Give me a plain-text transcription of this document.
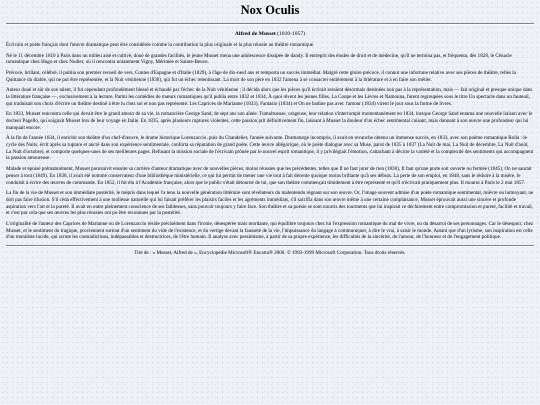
Nox Oculis
Alfred de Musset (1810-1857)

Écrivain et poète français dont l'œuvre dramatique peut être considérée comme la contribution la plus originale et la plus réussie au théâtre romantique.

Né le 11 décembre 1810 à Paris dans un milieu aisé et cultivé, doué de grandes facilités, le jeune Musset mena une adolescence dissipée de dandy. Il entreprit des études de droit et de médecine, qu'il ne termina pas, et fréquenta, dès 1828, le Cénacle romantique chez Hugo et chez Nodier, où il rencontra notamment Vigny, Mérimée et Sainte-Beuve.

Précoce, brillant, célébré, il publia son premier recueil de vers, Contes d'Espagne et d'Italie (1829), à l'âge de dix-neuf ans et remporta un succès immédiat. Malgré cette gloire précoce, il connut une infortune relative avec ses pièces de théâtre, telles la Quittance du diable, qui ne put être représentée, et la Nuit vénitienne (1830), qui fut un échec retentissant. La mort de son père en 1832 l'amena à se consacrer entièrement à la littérature et à en faire son métier.

Auteur doué et sûr de son talent, il fut cependant profondément blessé et échaudé par l'échec de la Nuit vénitienne ; il décida alors que les pièces qu'il écrirait seraient désormais destinées non pas à la représentation, mais — fait original et presque unique dans la littérature française —, exclusivement à la lecture. Parmi les comédies de mœurs romantiques qu'il publia entre 1832 et 1834, À quoi rêvent les jeunes filles, La Coupe et les Lèvres et Namouna, furent regroupées sous le titre Un spectacle dans un fauteuil, qui traduisait son choix d'écrire un théâtre destiné à être lu chez soi et non pas représenté. Les Caprices de Marianne (1833), Fantasio (1834) et On ne badine pas avec l'amour (1834) virent le jour sous la forme de livres.

En 1833, Musset rencontra celle qui devait être le grand amour de sa vie, la romancière George Sand, de sept ans son aînée. Tumultueuse, orageuse, leur relation s'interrompit momentanément en 1834, lorsque George Sand entama une nouvelle liaison avec le docteur Pagello, qui soignait Musset lors de leur voyage en Italie. En 1835, après plusieurs ruptures violentes, cette passion prit définitivement fin, laissant à Musset la douleur d'un échec sentimental cuisant, mais donnant à son œuvre une profondeur qui lui manquait encore.

À la fin de l'année 1834, il enrichit son théâtre d'un chef-d'œuvre, le drame historique Lorenzaccio, puis du Chandelier, l'année suivante. Dramaturge incompris, il avait en revanche obtenu un immense succès, en 1833, avec son poème romantique Rolla : le cycle des Nuits, écrit après sa rupture et ancré dans son expérience sentimentale, conforta sa réputation de grand poète. Cette œuvre allégorique, où le poète dialogue avec sa Muse, parut de 1835 à 1837 (La Nuit de mai, La Nuit de décembre, La Nuit d'août, La Nuit d'octobre), et comporte quelques-unes de ses meilleures pages. Refusant la mission sociale de l'écrivain prônée par le nouvel esprit romantique, il y privilégiait l'émotion, s'attachant à décrire la variété et la complexité des sentiments qui accompagnent la passion amoureuse.

Malade et épuisé prématurément, Musset poursuivit ensuite sa carrière d'auteur dramatique avec de nouvelles pièces, moins réussies que les précédentes, telles que Il ne faut jurer de rien (1836), Il faut qu'une porte soit ouverte ou fermée (1845), On ne saurait penser à tout (1849). En 1838, il avait été nommé conservateur d'une bibliothèque ministérielle, ce qui lui permit de mener une vie tout à fait décente quoique moins brillante qu'à ses débuts. La perte de son emploi, en 1848, sans le réduire à la misère, le conduisit à écrire des œuvres de commande. En 1852, il fut élu à l'Académie française, alors que le public s'était détourné de lui, que son théâtre commençait timidement à être représenté et qu'il n'écrivait pratiquement plus. Il mourut à Paris le 2 mai 1857.

La fin de la vie de Musset et son immédiate postérité, le mépris dans lequel l'a tenu la nouvelle génération littéraire sont révélateurs du malentendu régnant sur son œuvre. Or, l'image souvent admise d'un poète romantique sentimental, mièvre ou larmoyant, ne doit pas faire illusion. S'il céda effectivement à une mollesse naturelle qui lui faisait préférer les plaisirs faciles et les agréments immédiats, s'il sacrifia dans son œuvre même à une certaine complaisance, Musset éprouvait aussi une sincère et profonde aspiration vers l'art et la pureté. Il avait en outre pleinement conscience de ses faiblesses, sans pouvoir toujours y faire face. Son théâtre et sa poésie se sont nourris des tourments que lui inspirait ce déchirement entre compromission et pureté, facilité et travail, et c'est par cela que ses œuvres les plus réussies ont pu être reconnues par la postérité.

L'originalité de l'auteur des Caprices de Marianne ou de Lorenzaccio réside précisément dans l'ironie, désespérée mais mordante, qui équilibre toujours chez lui l'expression romantique du mal de vivre, ou du désarroi de ses personnages. Car le désespoir, chez Musset, et le sentiment du tragique, proviennent surtout d'un sentiment du vide de l'existence, et du vertige devant la fausseté de la vie, l'impuissance du langage à communiquer, à dire le vrai, à saisir le monde. Autant que d'un lyrisme, son inspiration est celle d'un moraliste lucide, qui scrute les contradictions, indépassables et destructrices, de l'être humain. Il analyse avec pessimisme, à partir de sa propre expérience, les difficultés de la sincérité, de l'amour, de l'honneur et de l'engagement politique.

Tiré de : « Musset, Alfred de », Encyclopédie Microsoft® Encarta® 2000. © 1993-1999 Microsoft Corporation. Tous droits réservés.
